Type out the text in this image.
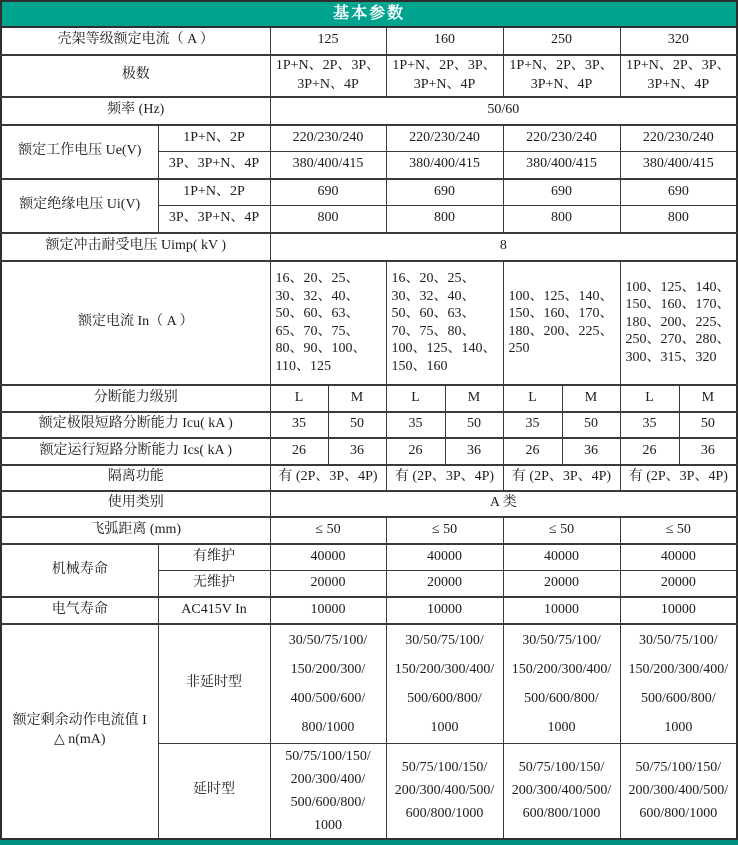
基本参数									
壳架等级额定电流（ A ）		125		160		250		320	
极数		1P+N、2P、3P、3P+N、4P		1P+N、2P、3P、3P+N、4P		1P+N、2P、3P、3P+N、4P		1P+N、2P、3P、3P+N、4P	
频率 (Hz)		50/60							
额定工作电压 Ue(V)	1P+N、2P	220/230/240		220/230/240		220/230/240		220/230/240	
	3P、3P+N、4P	380/400/415		380/400/415		380/400/415		380/400/415	
额定绝缘电压 Ui(V)	1P+N、2P	690		690		690		690	
	3P、3P+N、4P	800		800		800		800	
额定冲击耐受电压 Uimp( kV )		8							
额定电流 In（ A ）		16、20、25、30、32、40、50、60、63、65、70、75、80、90、100、110、125		16、20、25、30、32、40、50、60、63、70、75、80、100、125、140、150、160		100、125、140、150、160、170、180、200、225、250		100、125、140、150、160、170、180、200、225、250、270、280、300、315、320	
分断能力级别		L	M	L	M	L	M	L	M
额定极限短路分断能力 Icu( kA )		35	50	35	50	35	50	35	50
额定运行短路分断能力 Ics( kA )		26	36	26	36	26	36	26	36
隔离功能		有 (2P、3P、4P)		有 (2P、3P、4P)		有 (2P、3P、4P)		有 (2P、3P、4P)	
使用类别		A 类							
飞弧距离 (mm)		≤ 50		≤ 50		≤ 50		≤ 50	
机械寿命	有维护	40000		40000		40000		40000	
	无维护	20000		20000		20000		20000	
电气寿命	AC415V In	10000		10000		10000		10000	
额定剩余动作电流值 I △ n(mA)	非延时型	30/​50/​75/​100/​150/​200/​300/​400/​500/​600/​800/​1000		30/​50/​75/​100/​150/​200/​300/​400/​500/​600/​800/​1000		30/​50/​75/​100/​150/​200/​300/​400/​500/​600/​800/​1000		30/​50/​75/​100/​150/​200/​300/​400/​500/​600/​800/​1000	
	延时型	50/​75/​100/​150/​200/​300/​400/​500/​600/​800/​1000		50/​75/​100/​150/​200/​300/​400/​500/​600/​800/​1000		50/​75/​100/​150/​200/​300/​400/​500/​600/​800/​1000		50/​75/​100/​150/​200/​300/​400/​500/​600/​800/​1000	
